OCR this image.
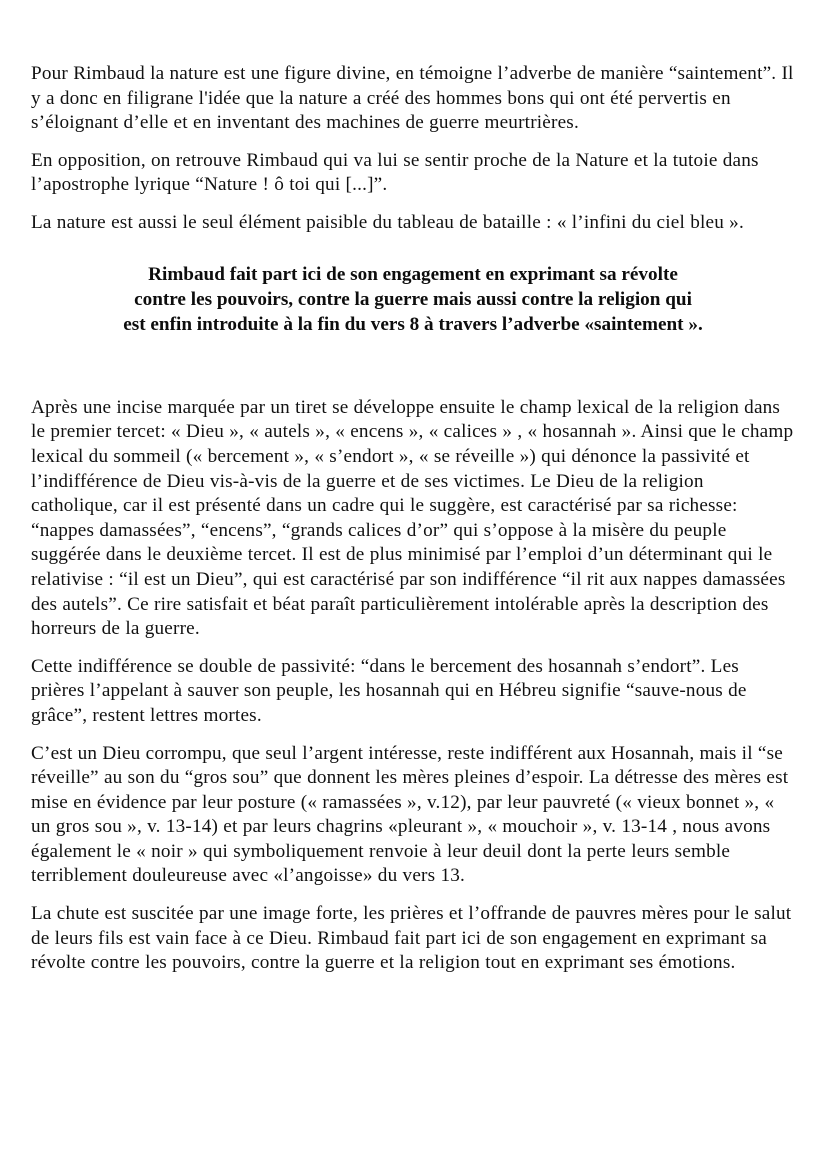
Pour Rimbaud la nature est une figure divine, en témoigne l’adverbe de manière “saintement”. Il y a donc en filigrane l'idée que la nature a créé des hommes bons qui ont été pervertis en s’éloignant d’elle et en inventant des machines de guerre meurtrières.

En opposition, on retrouve Rimbaud qui va lui se sentir proche de la Nature et la tutoie dans l’apostrophe lyrique “Nature ! ô toi qui [...]”.

La nature est aussi le seul élément paisible du tableau de bataille : « l’infini du ciel bleu ».

Rimbaud fait part ici de son engagement en exprimant sa révolte
contre les pouvoirs, contre la guerre mais aussi contre la religion qui
est enfin introduite à la fin du vers 8 à travers l’adverbe «saintement ».

Après une incise marquée par un tiret se développe ensuite le champ lexical de la religion dans le premier tercet: « Dieu », « autels », « encens », « calices » , « hosannah ». Ainsi que le champ lexical du sommeil (« bercement », « s’endort », « se réveille ») qui dénonce la passivité et l’indifférence de Dieu vis-à-vis de la guerre et de ses victimes. Le Dieu de la religion catholique, car il est présenté dans un cadre qui le suggère, est caractérisé par sa richesse: “nappes damassées”, “encens”, “grands calices d’or” qui s’oppose à la misère du peuple suggérée dans le deuxième tercet. Il est de plus minimisé par l’emploi d’un déterminant qui le relativise : “il est un Dieu”, qui est caractérisé par son indifférence “il rit aux nappes damassées des autels”. Ce rire satisfait et béat paraît particulièrement intolérable après la description des horreurs de la guerre.

Cette indifférence se double de passivité: “dans le bercement des hosannah s’endort”. Les prières l’appelant à sauver son peuple, les hosannah qui en Hébreu signifie “sauve-nous de grâce”, restent lettres mortes.

C’est un Dieu corrompu, que seul l’argent intéresse, reste indifférent aux Hosannah, mais il “se réveille” au son du “gros sou” que donnent les mères pleines d’espoir. La détresse des mères est mise en évidence par leur posture (« ramassées », v.12), par leur pauvreté (« vieux bonnet », « un gros sou », v. 13-14) et par leurs chagrins «pleurant », « mouchoir », v. 13-14 , nous avons également le « noir » qui symboliquement renvoie à leur deuil dont la perte leurs semble terriblement douleureuse avec «l’angoisse» du vers 13.

La chute est suscitée par une image forte, les prières et l’offrande de pauvres mères pour le salut de leurs fils est vain face à ce Dieu. Rimbaud fait part ici de son engagement en exprimant sa révolte contre les pouvoirs, contre la guerre et la religion tout en exprimant ses émotions.
